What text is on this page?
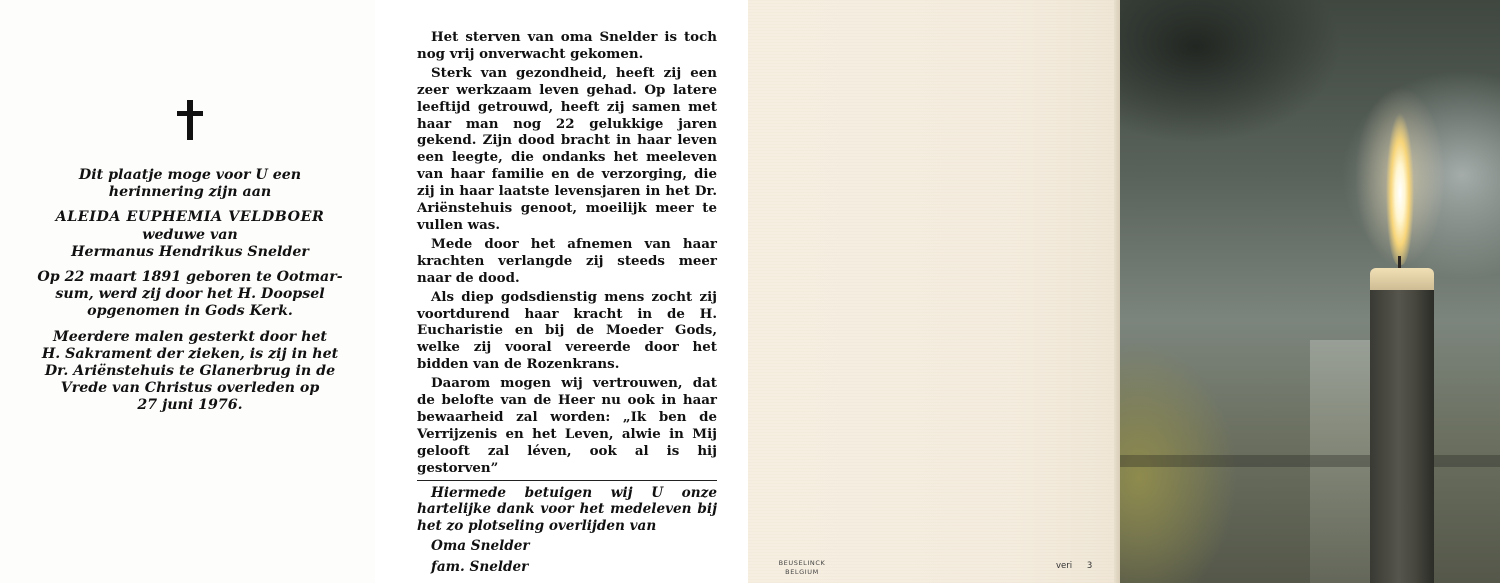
Dit plaatje moge voor U een

herinnering zijn aan

ALEIDA EUPHEMIA VELDBOER

weduwe van

Hermanus Hendrikus Snelder

Op 22 maart 1891 geboren te Ootmar-

sum, werd zij door het H. Doopsel

opgenomen in Gods Kerk.

Meerdere malen gesterkt door het

H. Sakrament der zieken, is zij in het

Dr. Ariënstehuis te Glanerbrug in de

Vrede van Christus overleden op

27 juni 1976.

Het sterven van oma Snelder is toch nog vrij onverwacht gekomen.

Sterk van gezondheid, heeft zij een zeer werkzaam leven gehad. Op latere leeftijd getrouwd, heeft zij samen met haar man nog 22 gelukkige jaren gekend. Zijn dood bracht in haar leven een leegte, die ondanks het meeleven van haar familie en de verzorging, die zij in haar laatste levensjaren in het Dr. Ariënstehuis genoot, moeilijk meer te vullen was.

Mede door het afnemen van haar krachten verlangde zij steeds meer naar de dood.

Als diep godsdienstig mens zocht zij voortdurend haar kracht in de H. Eucharistie en bij de Moeder Gods, welke zij vooral vereerde door het bidden van de Rozenkrans.

Daarom mogen wij vertrouwen, dat de belofte van de Heer nu ook in haar bewaarheid zal worden: „Ik ben de Verrijzenis en het Leven, alwie in Mij gelooft zal léven, ook al is hij gestorven”

Hiermede betuigen wij U onze hartelijke dank voor het medeleven bij het zo plotseling overlijden van

Oma Snelder

fam. Snelder	BEUSELINCK
BELGIUM
veri 3
